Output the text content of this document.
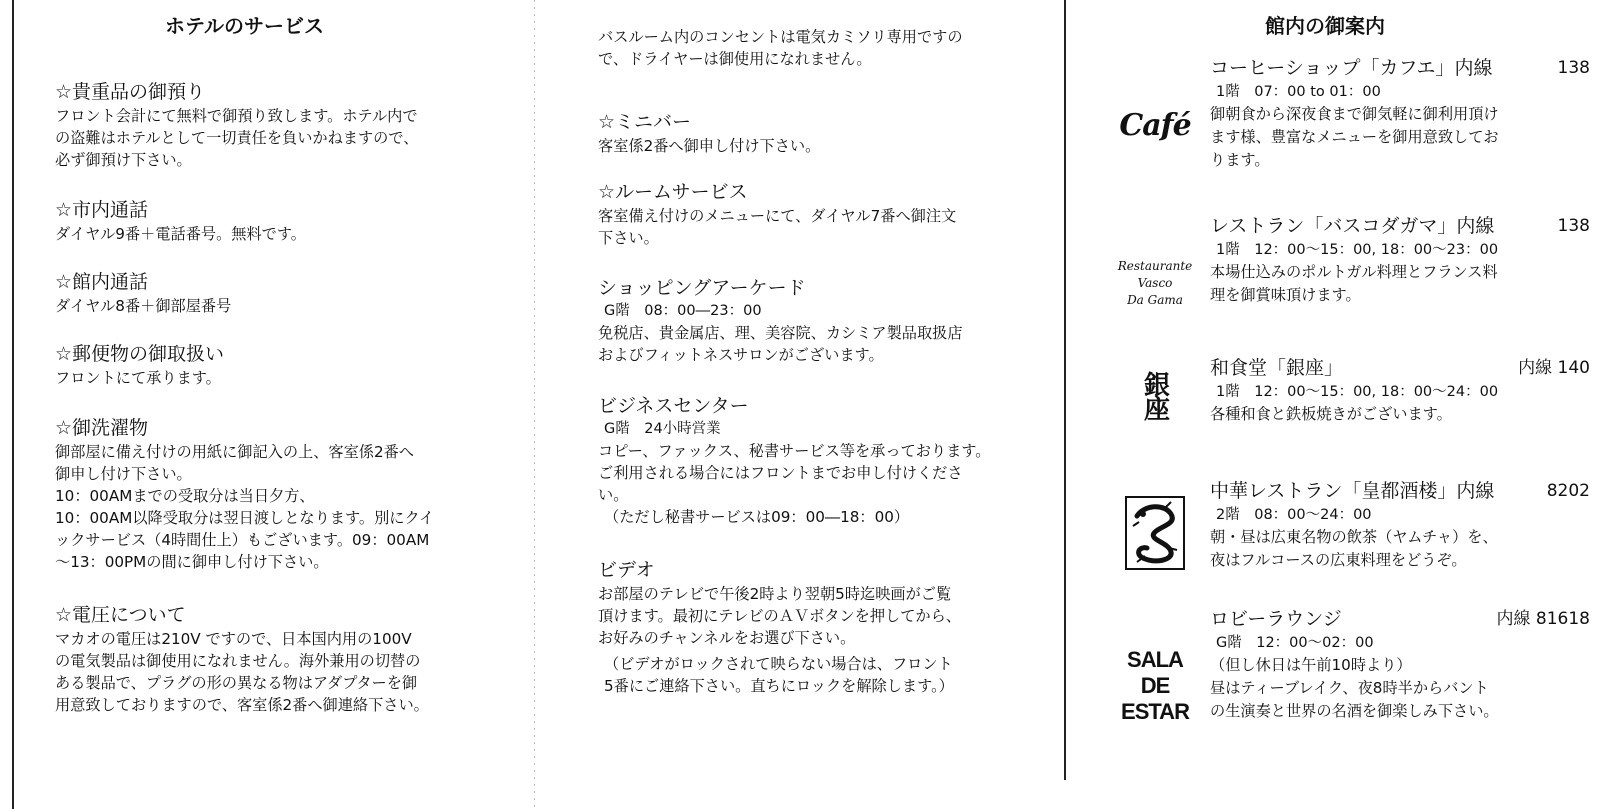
ホテルのサービス
☆貴重品の御預り

フロント会計にて無料で御預り致します。ホテル内で

の盗難はホテルとして一切責任を負いかねますので、

必ず御預け下さい。

☆市内通話

ダイヤル9番＋電話番号。無料です。

☆館内通話

ダイヤル8番＋御部屋番号

☆郵便物の御取扱い

フロントにて承ります。

☆御洗濯物

御部屋に備え付けの用紙に御記入の上、客室係2番へ

御申し付け下さい。

10：00AMまでの受取分は当日夕方、

10：00AM以降受取分は翌日渡しとなります。別にクイ

ックサービス（4時間仕上）もございます。09：00AM

～13：00PMの間に御申し付け下さい。

☆電圧について

マカオの電圧は210V ですので、日本国内用の100V

の電気製品は御使用になれません。海外兼用の切替の

ある製品で、プラグの形の異なる物はアダプターを御

用意致しておりますので、客室係2番へ御連絡下さい。

バスルーム内のコンセントは電気カミソリ専用ですの

で、ドライヤーは御使用になれません。

☆ミニバー

客室係2番へ御申し付け下さい。

☆ルームサービス

客室備え付けのメニューにて、ダイヤル7番へ御注文

下さい。

ショッピングアーケード
G階　08：00―23：00

免税店、貴金属店、理、美容院、カシミア製品取扱店

およびフィットネスサロンがございます。

ビジネスセンター
G階　24小時営業

コピー、ファックス、秘書サービス等を承っております。

ご利用される場合にはフロントまでお申し付けくださ

い。

（ただし秘書サービスは09：00―18：00）

ビデオ

お部屋のテレビで午後2時より翌朝5時迄映画がご覧

頂けます。最初にテレビのＡＶボタンを押してから、

お好みのチャンネルをお選び下さい。

（ビデオがロックされて映らない場合は、フロント

5番にご連絡下さい。直ちにロックを解除します。）

館内の御案内
Café
コーヒーショップ「カフエ」内線	138
1階　07：00 to 01：00
御朝食から深夜食まで御気軽に御利用頂け
ます様、豊富なメニューを御用意致してお
ります。
Restaurante
Vasco
Da Gama
レストラン「バスコダガマ」内線	138
1階　12：00～15：00, 18：00～23：00
本場仕込みのポルトガル料理とフランス料
理を御賞味頂けます。
銀座
和食堂「銀座」	内線 140
1階　12：00～15：00, 18：00～24：00
各種和食と鉄板焼きがございます。
中華レストラン「皇都酒楼」内線	8202
2階　08：00～24：00
朝・昼は広東名物の飲茶（ヤムチャ）を、
夜はフルコースの広東料理をどうぞ。
SALA
DE
ESTAR
ロビーラウンジ	内線 81618
G階　12：00～02：00
（但し休日は午前10時より）
昼はティーブレイク、夜8時半からバント
の生演奏と世界の名酒を御楽しみ下さい。
